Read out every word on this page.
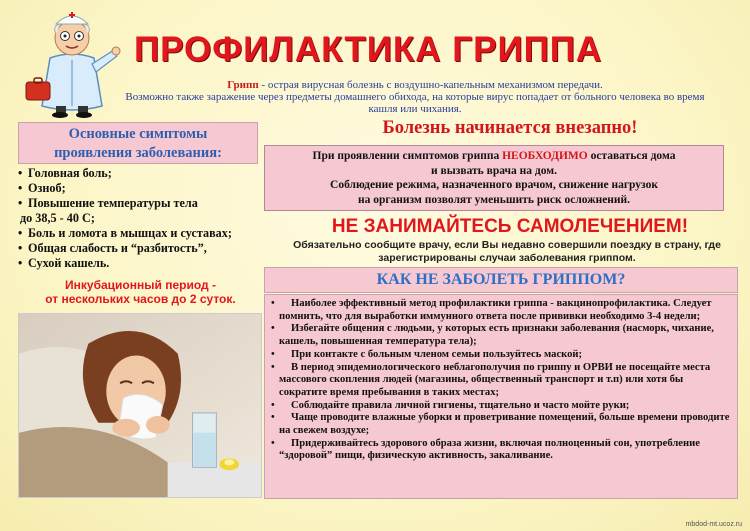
ПРОФИЛАКТИКА ГРИППА
Грипп - острая вирусная болезнь с воздушно-капельным механизмом передачи.
Возможно также заражение через предметы домашнего обихода, на которые вирус попадает от больного человека во время кашля или чихания.
Основные симптомы
проявления заболевания:
• Головная боль;
• Озноб;
• Повышение температуры тела
до 38,5 - 40 С;
• Боль и ломота в мышцах и суставах;
• Общая слабость и “разбитость”,
• Сухой кашель.
Инкубационный период -
от нескольких часов до 2 суток.
Болезнь начинается внезапно!
При проявлении симптомов гриппа НЕОБХОДИМО оставаться дома
и вызвать врача на дом.
Соблюдение режима, назначенного врачом, снижение нагрузок
на организм позволят уменьшить риск осложнений.
НЕ ЗАНИМАЙТЕСЬ САМОЛЕЧЕНИЕМ!
Обязательно сообщите врачу, если Вы недавно совершили поездку в страну, где зарегистрированы случаи заболевания гриппом.
КАК НЕ ЗАБОЛЕТЬ ГРИППОМ?
• Наиболее эффективный метод профилактики гриппа - вакцинопрофилактика. Следует помнить, что для выработки иммунного ответа после прививки необходимо 3-4 недели;
• Избегайте общения с людьми, у которых есть признаки заболевания (насморк, чихание, кашель, повышенная температура тела);
• При контакте с больным членом семьи пользуйтесь маской;
• В период эпидемиологического неблагополучия по гриппу и ОРВИ не посещайте места массового скопления людей (магазины, общественный транспорт и т.п) или хотя бы сократите время пребывания в таких местах;
• Соблюдайте правила личной гигиены, тщательно и часто мойте руки;
• Чаще проводите влажные уборки и проветривание помещений, больше времени проводите на свежем воздухе;
• Придерживайтесь здорового образа жизни, включая полноценный сон, употребление “здоровой” пищи, физическую активность, закаливание.
mbdod-mt.ucoz.ru
